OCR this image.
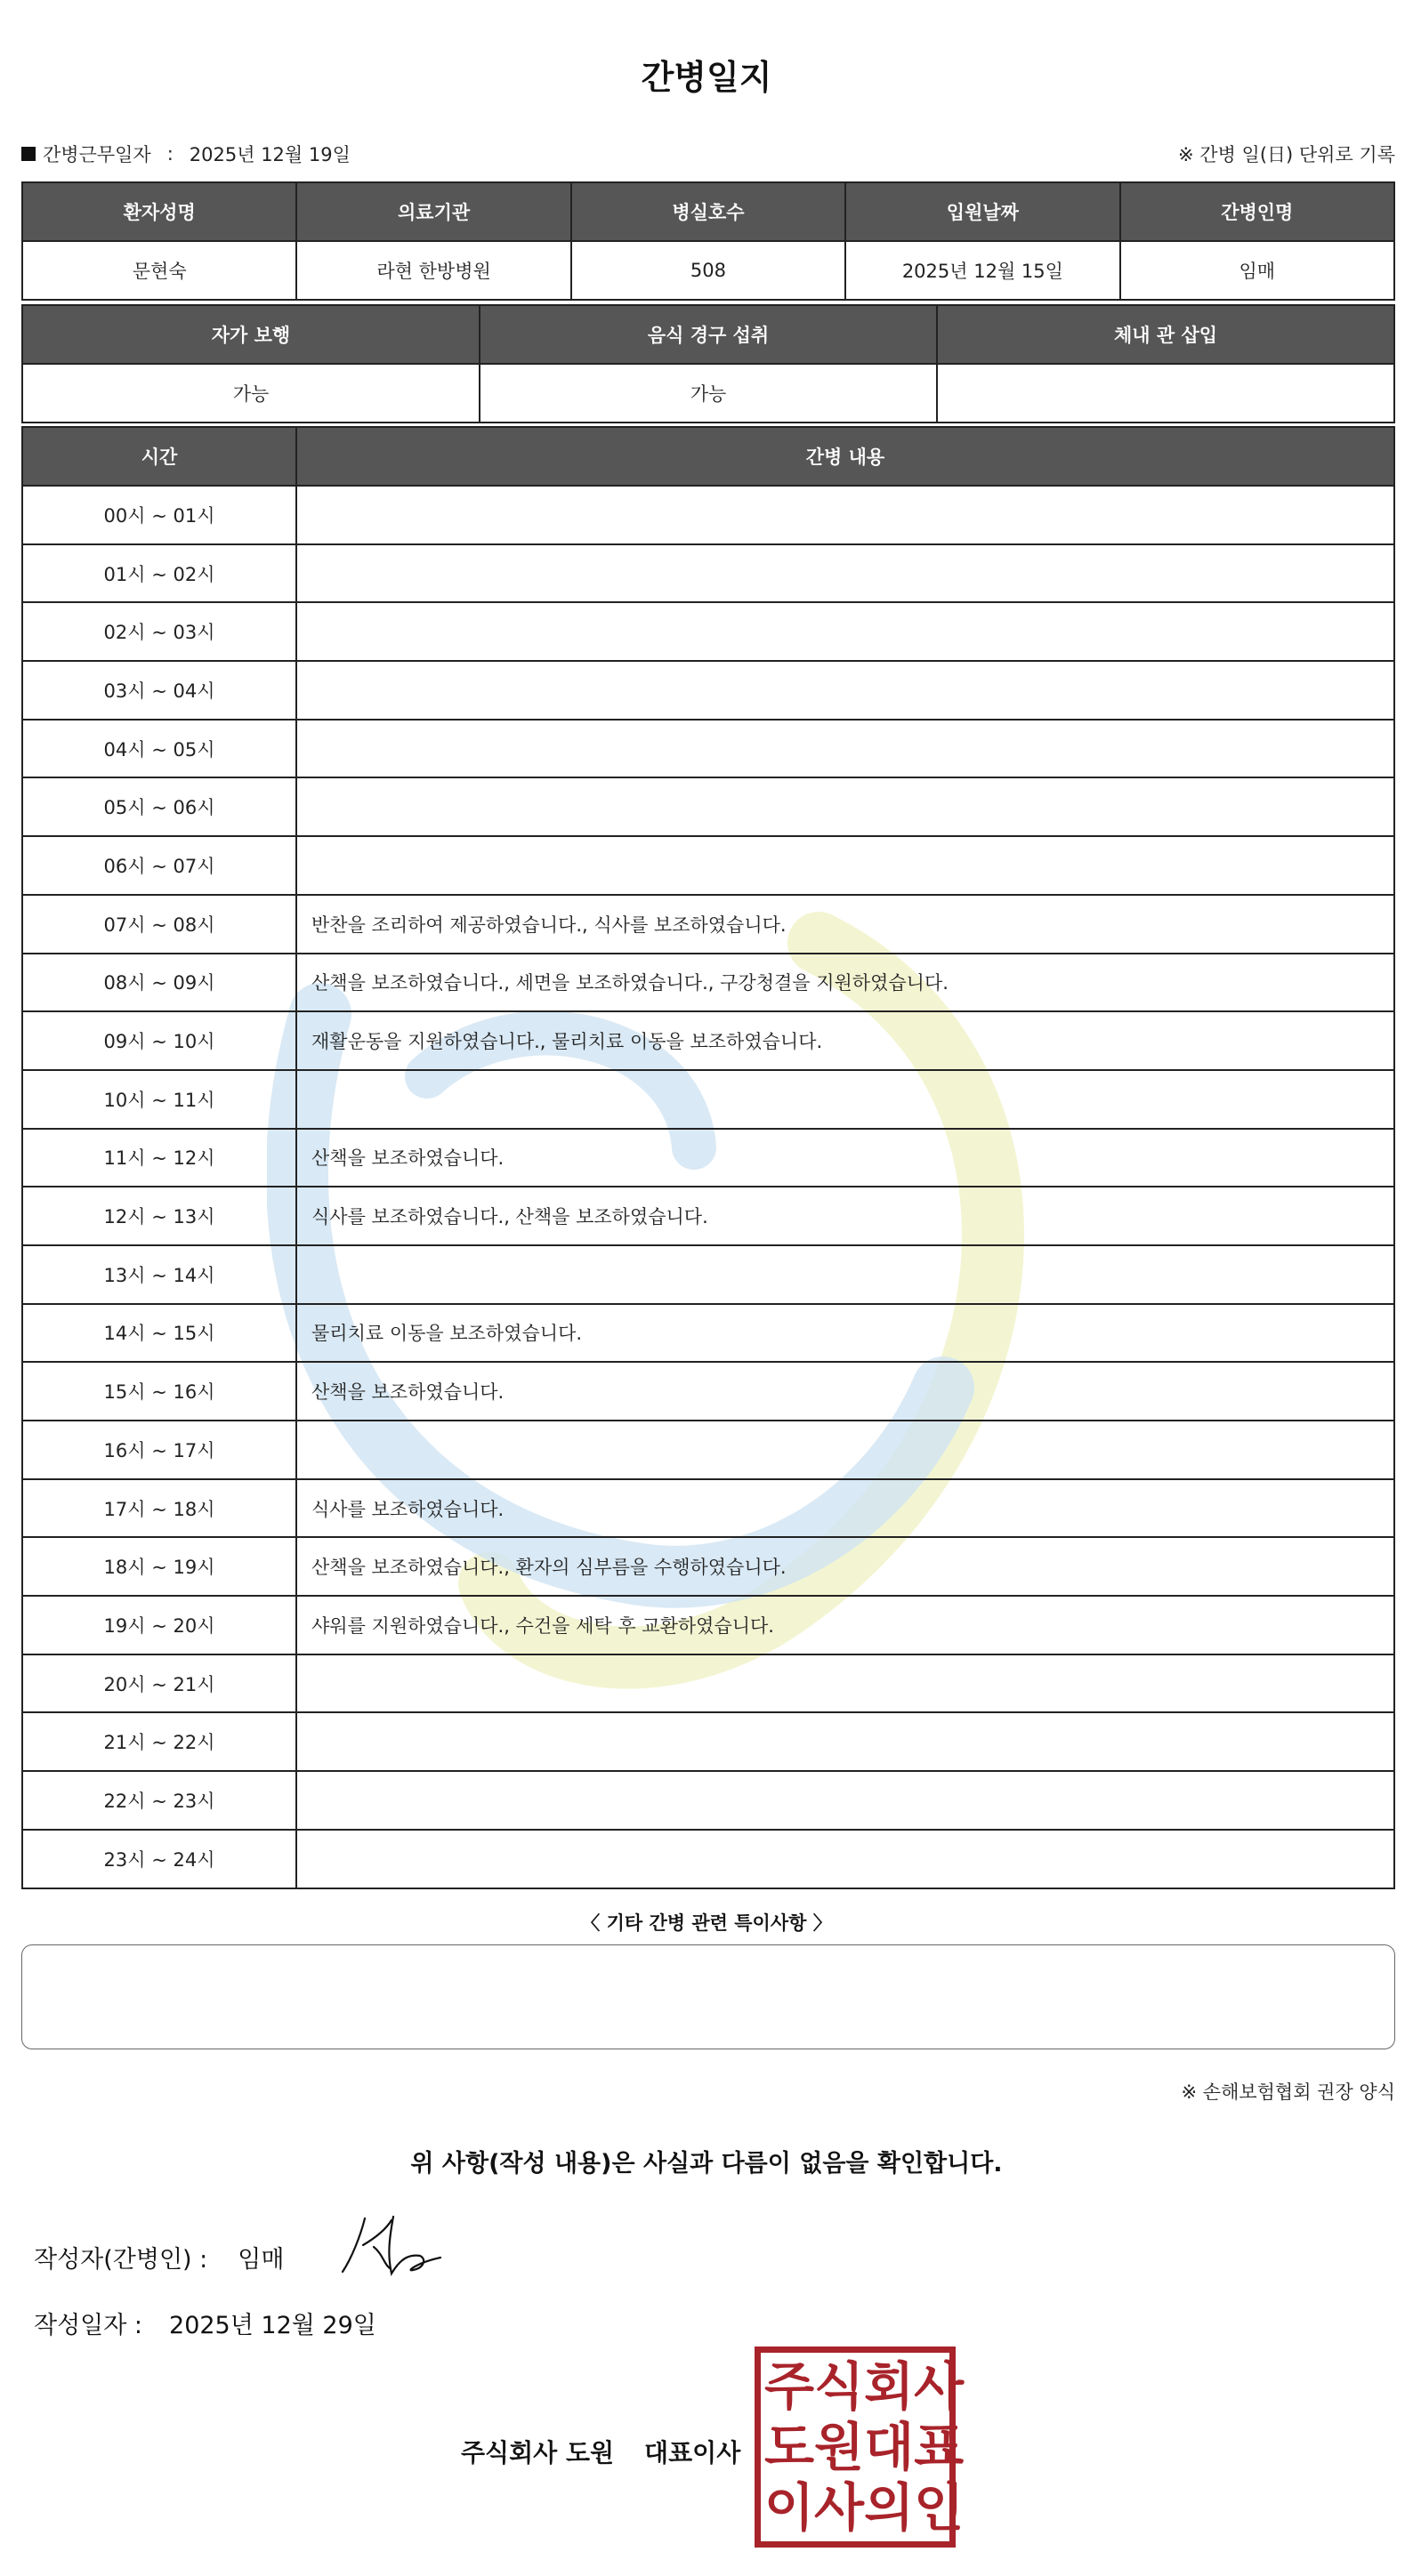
간병일지
간병근무일자 : 2025년 12월 19일	※ 간병 일(日) 단위로 기록
환자성명	의료기관	병실호수	입원날짜	간병인명
문현숙	라현 한방병원	508	2025년 12월 15일	임매
자가 보행	음식 경구 섭취	체내 관 삽입
가능	가능	
시간	간병 내용
00시 ~ 01시	
01시 ~ 02시	
02시 ~ 03시	
03시 ~ 04시	
04시 ~ 05시	
05시 ~ 06시	
06시 ~ 07시	
07시 ~ 08시	반찬을 조리하여 제공하였습니다., 식사를 보조하였습니다.
08시 ~ 09시	산책을 보조하였습니다., 세면을 보조하였습니다., 구강청결을 지원하였습니다.
09시 ~ 10시	재활운동을 지원하였습니다., 물리치료 이동을 보조하였습니다.
10시 ~ 11시	
11시 ~ 12시	산책을 보조하였습니다.
12시 ~ 13시	식사를 보조하였습니다., 산책을 보조하였습니다.
13시 ~ 14시	
14시 ~ 15시	물리치료 이동을 보조하였습니다.
15시 ~ 16시	산책을 보조하였습니다.
16시 ~ 17시	
17시 ~ 18시	식사를 보조하였습니다.
18시 ~ 19시	산책을 보조하였습니다., 환자의 심부름을 수행하였습니다.
19시 ~ 20시	샤워를 지원하였습니다., 수건을 세탁 후 교환하였습니다.
20시 ~ 21시	
21시 ~ 22시	
22시 ~ 23시	
23시 ~ 24시	
〈 기타 간병 관련 특이사항 〉
※ 손해보험협회 권장 양식
위 사항(작성 내용)은 사실과 다름이 없음을 확인합니다.
작성자(간병인) : 임매
작성일자 : 2025년 12월 29일
주식회사 도원 대표이사
주 식 회 사
도 원 대 표
이 사 의 인
